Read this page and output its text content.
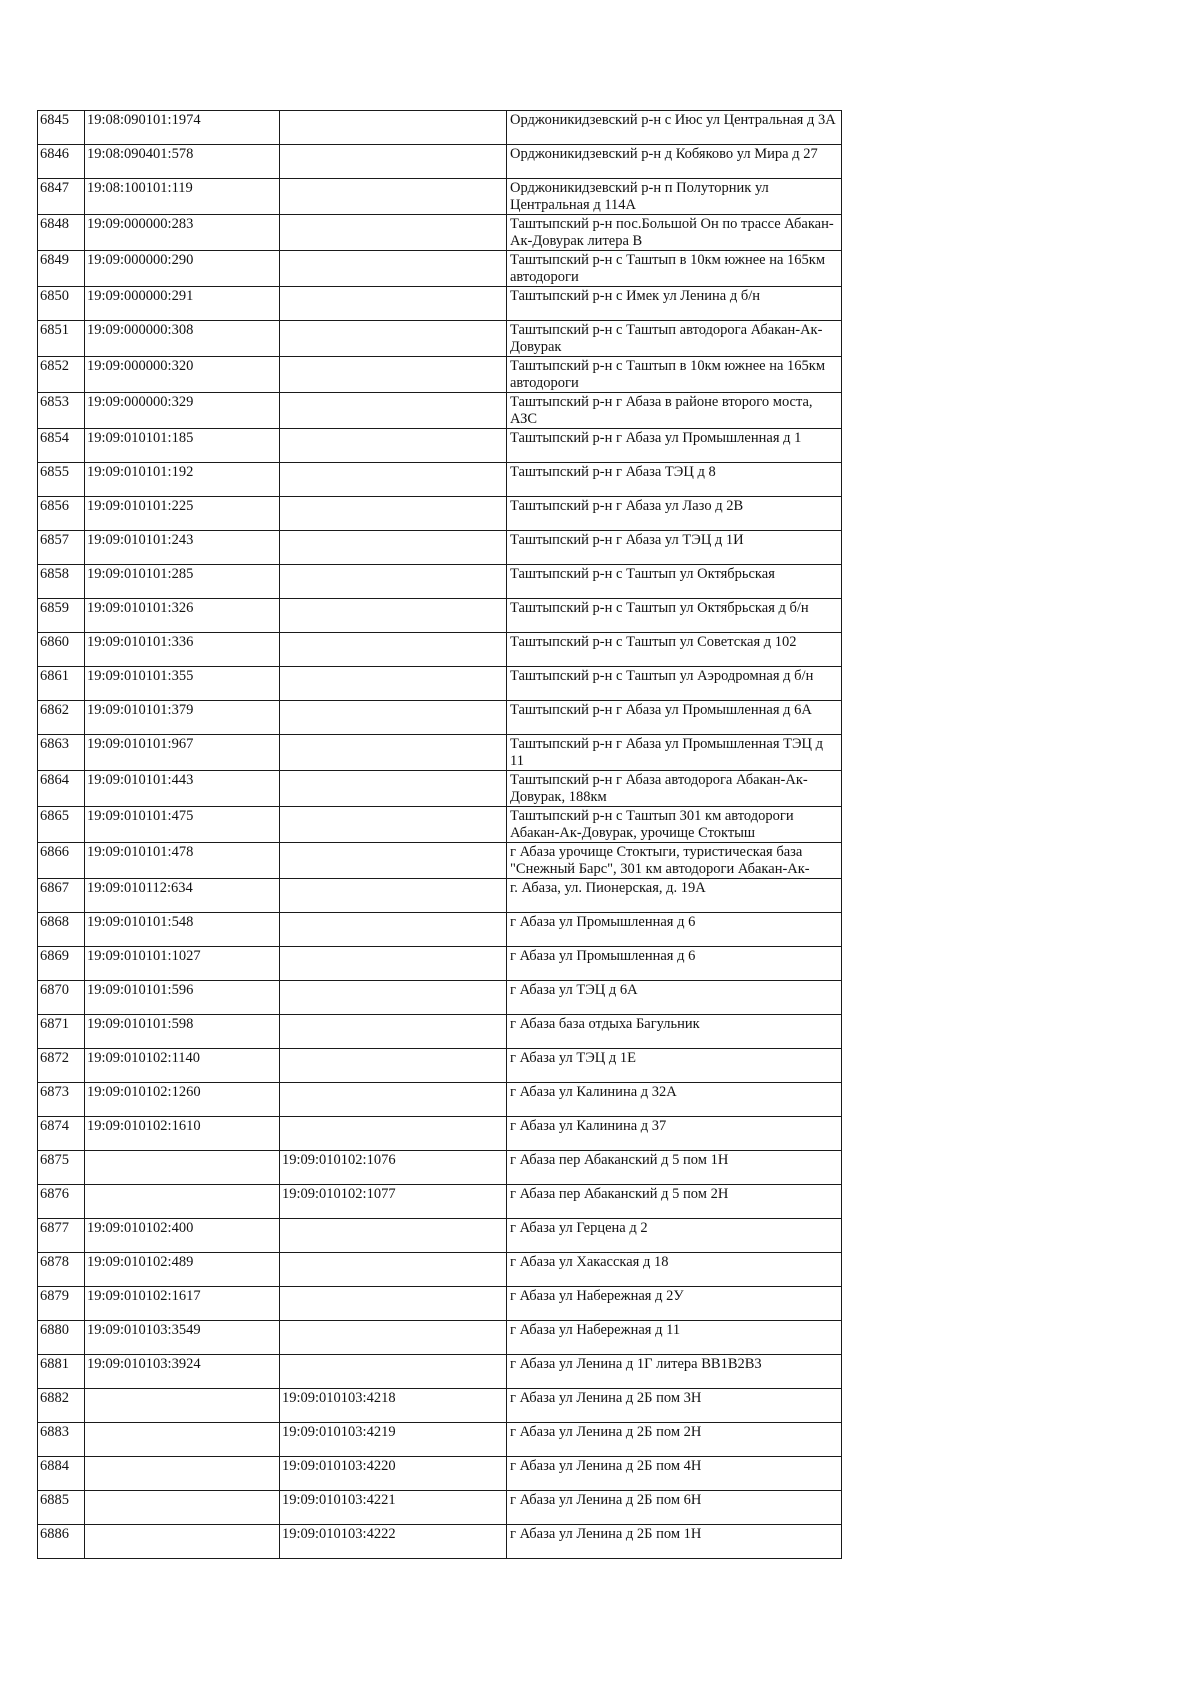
6845	19:08:090101:1974		Орджоникидзевский р-н с Июс ул Центральная д 3А

6846	19:08:090401:578		Орджоникидзевский р-н д Кобяково ул Мира д 27

6847	19:08:100101:119		Орджоникидзевский р-н п Полуторник ул Центральная д 114А

6848	19:09:000000:283		Таштыпский р-н пос.Большой Он по трассе Абакан-Ак-Довурак литера В

6849	19:09:000000:290		Таштыпский р-н с Таштып в 10км южнее на 165км автодороги

6850	19:09:000000:291		Таштыпский р-н с Имек ул Ленина д б/н

6851	19:09:000000:308		Таштыпский р-н с Таштып автодорога Абакан-Ак-Довурак

6852	19:09:000000:320		Таштыпский р-н с Таштып в 10км южнее на 165км автодороги

6853	19:09:000000:329		Таштыпский р-н г Абаза в районе второго моста, АЗС

6854	19:09:010101:185		Таштыпский р-н г Абаза ул Промышленная д 1

6855	19:09:010101:192		Таштыпский р-н г Абаза ТЭЦ д 8

6856	19:09:010101:225		Таштыпский р-н г Абаза ул Лазо д 2В

6857	19:09:010101:243		Таштыпский р-н г Абаза ул ТЭЦ д 1И

6858	19:09:010101:285		Таштыпский р-н с Таштып ул Октябрьская

6859	19:09:010101:326		Таштыпский р-н с Таштып ул Октябрьская д б/н

6860	19:09:010101:336		Таштыпский р-н с Таштып ул Советская д 102

6861	19:09:010101:355		Таштыпский р-н с Таштып ул Аэродромная д б/н

6862	19:09:010101:379		Таштыпский р-н г Абаза ул Промышленная д 6А

6863	19:09:010101:967		Таштыпский р-н г Абаза ул Промышленная ТЭЦ д 11

6864	19:09:010101:443		Таштыпский р-н г Абаза автодорога Абакан-Ак-Довурак, 188км

6865	19:09:010101:475		Таштыпский р-н с Таштып 301 км автодороги Абакан-Ак-Довурак, урочище Стоктыш

6866	19:09:010101:478		г Абаза урочище Стоктыги, туристическая база "Снежный Барс", 301 км автодороги Абакан-Ак-

6867	19:09:010112:634		г. Абаза, ул. Пионерская, д. 19А

6868	19:09:010101:548		г Абаза ул Промышленная д 6

6869	19:09:010101:1027		г Абаза ул Промышленная д 6

6870	19:09:010101:596		г Абаза ул ТЭЦ д 6А

6871	19:09:010101:598		г Абаза база отдыха Багульник

6872	19:09:010102:1140		г Абаза ул ТЭЦ д 1Е

6873	19:09:010102:1260		г Абаза ул Калинина д 32А

6874	19:09:010102:1610		г Абаза ул Калинина д 37

6875		19:09:010102:1076	г Абаза пер Абаканский д 5 пом 1Н

6876		19:09:010102:1077	г Абаза пер Абаканский д 5 пом 2Н

6877	19:09:010102:400		г Абаза ул Герцена д 2

6878	19:09:010102:489		г Абаза ул Хакасская д 18

6879	19:09:010102:1617		г Абаза ул Набережная д 2У

6880	19:09:010103:3549		г Абаза ул Набережная д 11

6881	19:09:010103:3924		г Абаза ул Ленина д 1Г литера ВВ1В2В3

6882		19:09:010103:4218	г Абаза ул Ленина д 2Б пом 3Н

6883		19:09:010103:4219	г Абаза ул Ленина д 2Б пом 2Н

6884		19:09:010103:4220	г Абаза ул Ленина д 2Б пом 4Н

6885		19:09:010103:4221	г Абаза ул Ленина д 2Б пом 6Н

6886		19:09:010103:4222	г Абаза ул Ленина д 2Б пом 1Н
